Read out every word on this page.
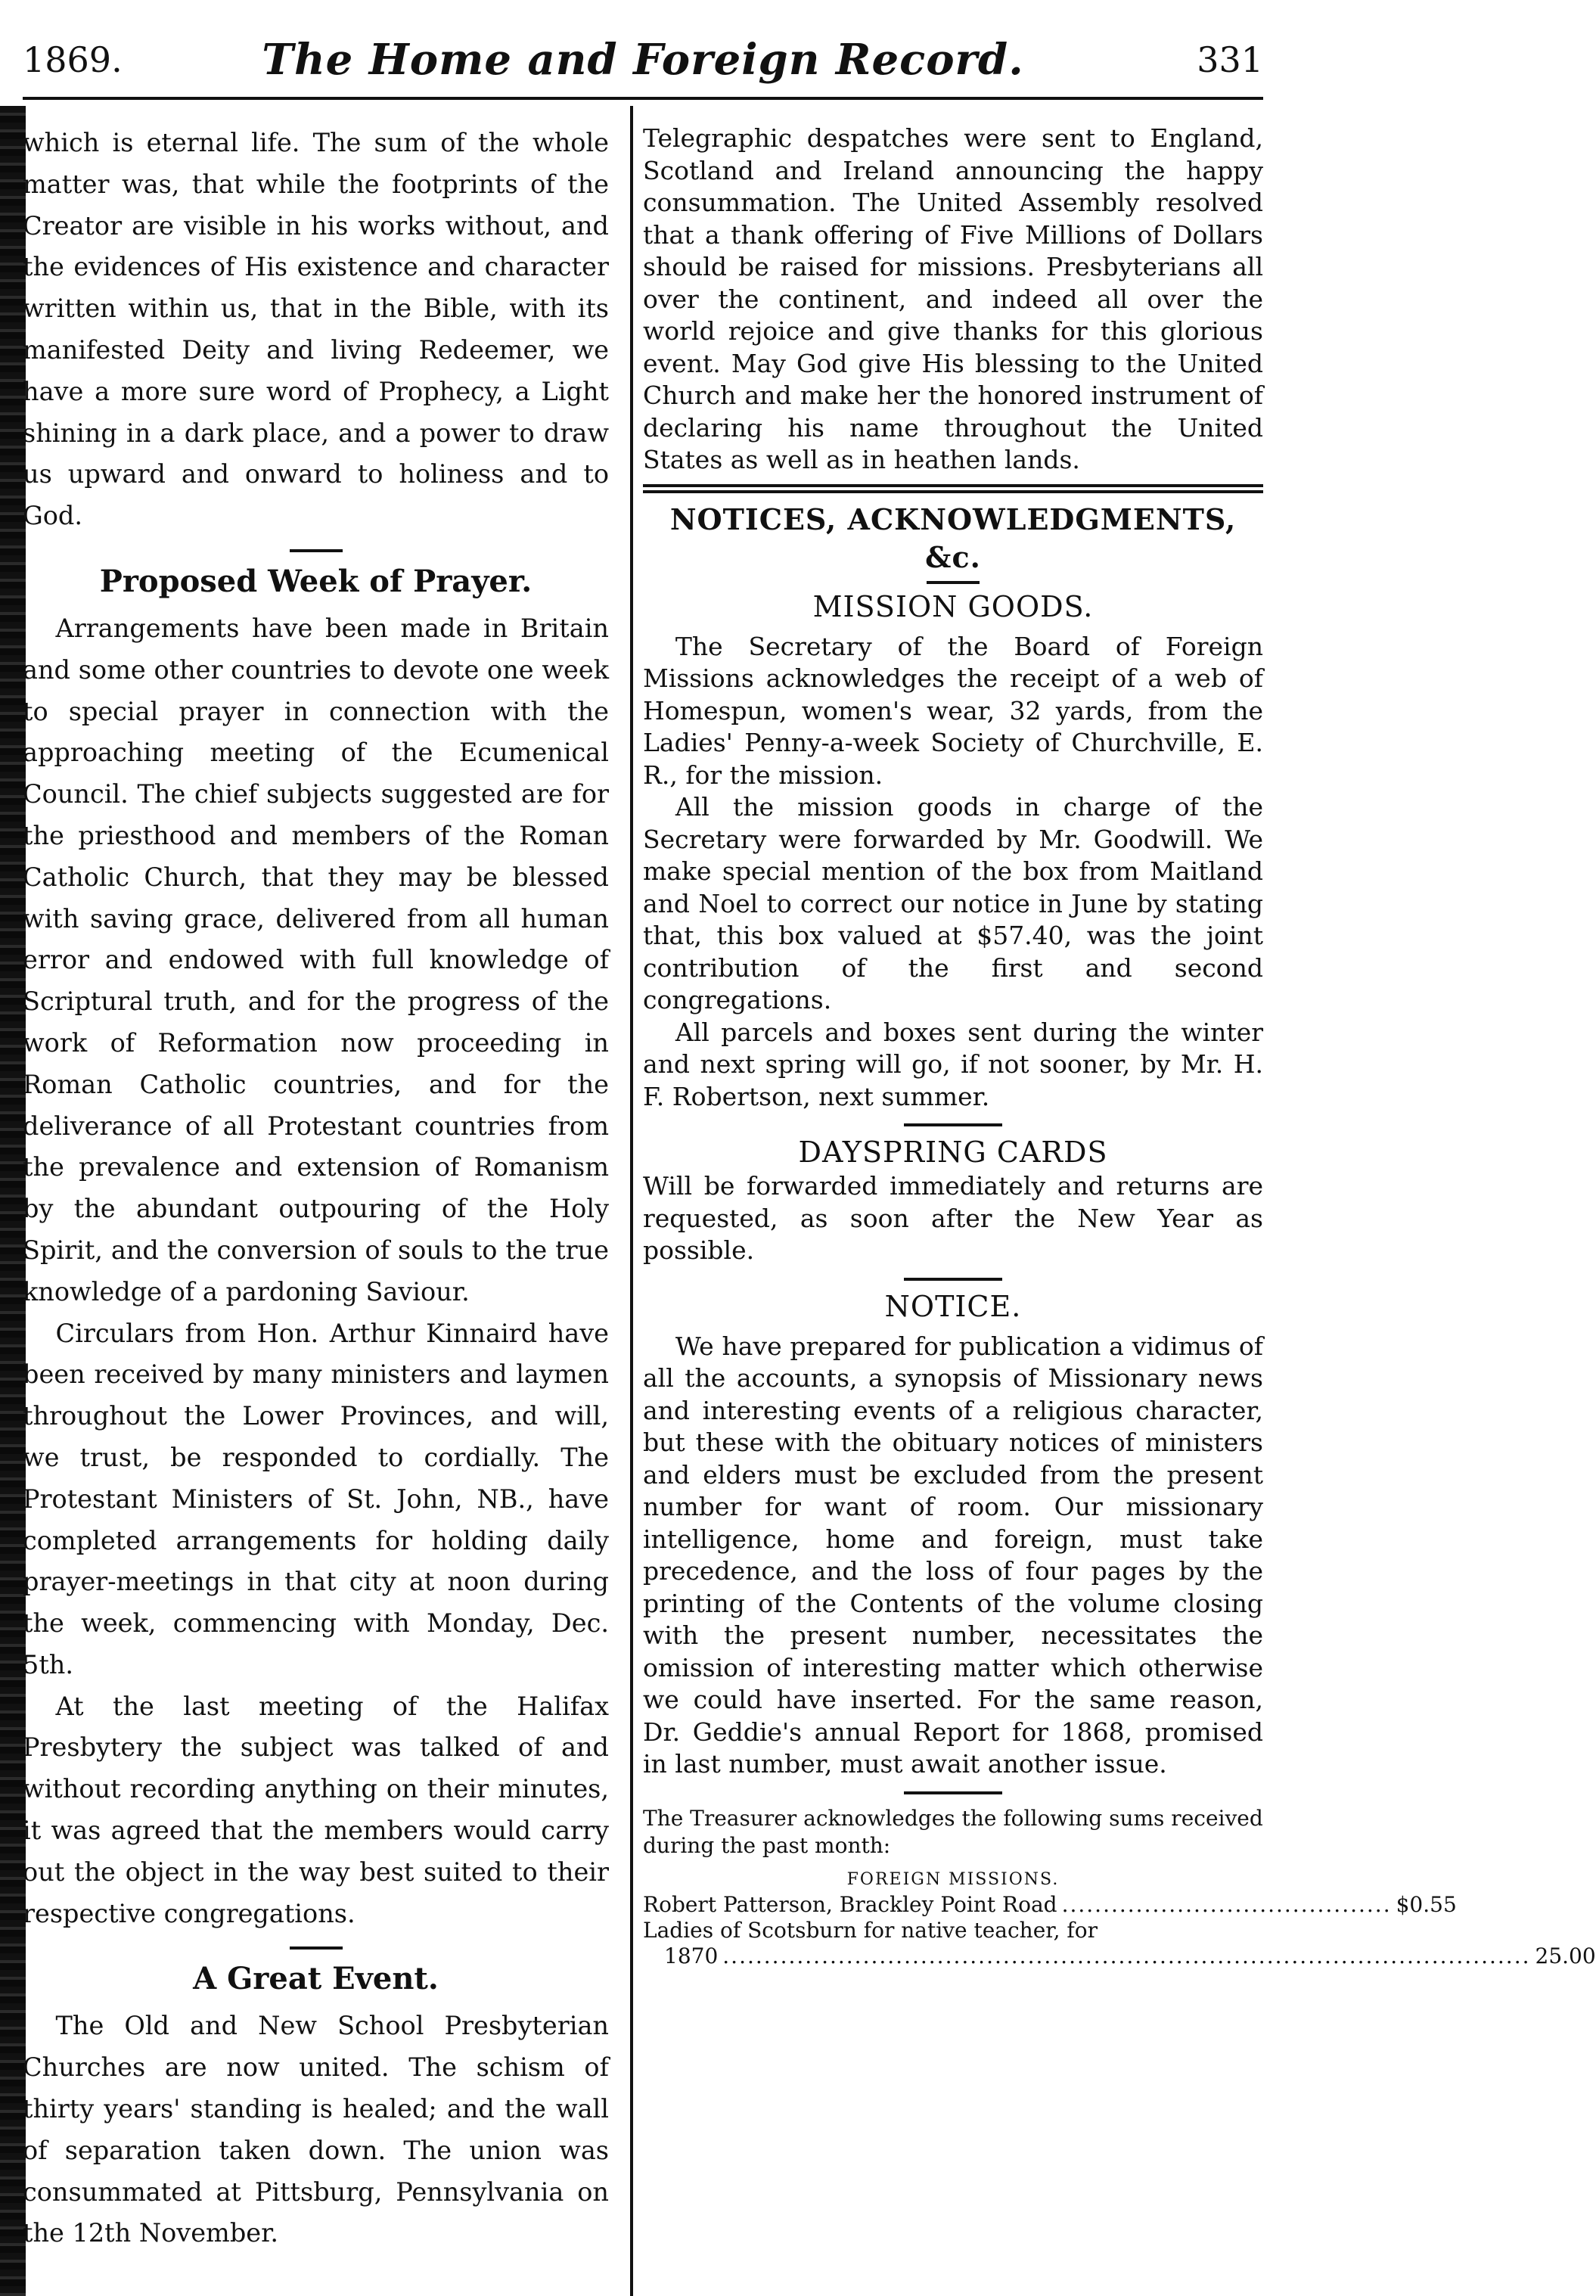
1869.	The Home and Foreign Record.	331

which is eternal life. The sum of the whole matter was, that while the footprints of the Creator are visible in his works without, and the evidences of His existence and character written within us, that in the Bible, with its manifested Deity and living Redeemer, we have a more sure word of Prophecy, a Light shining in a dark place, and a power to draw us upward and onward to holiness and to God.

Proposed Week of Prayer.

Arrangements have been made in Britain and some other countries to devote one week to special prayer in connection with the approaching meeting of the Ecumenical Council. The chief subjects suggested are for the priesthood and members of the Roman Catholic Church, that they may be blessed with saving grace, delivered from all human error and endowed with full knowledge of Scriptural truth, and for the progress of the work of Reformation now proceeding in Roman Catholic countries, and for the deliverance of all Protestant countries from the prevalence and extension of Romanism by the abundant outpouring of the Holy Spirit, and the conversion of souls to the true knowledge of a pardoning Saviour.

Circulars from Hon. Arthur Kinnaird have been received by many ministers and laymen throughout the Lower Provinces, and will, we trust, be responded to cordially. The Protestant Ministers of St. John, NB., have completed arrangements for holding daily prayer-meetings in that city at noon during the week, commencing with Monday, Dec. 5th.

At the last meeting of the Halifax Presbytery the subject was talked of and without recording anything on their minutes, it was agreed that the members would carry out the object in the way best suited to their respective congregations.

A Great Event.

The Old and New School Presbyterian Churches are now united. The schism of thirty years' standing is healed; and the wall of separation taken down. The union was consummated at Pittsburg, Pennsylvania on the 12th November.

Telegraphic despatches were sent to England, Scotland and Ireland announcing the happy consummation. The United Assembly resolved that a thank offering of Five Millions of Dollars should be raised for missions. Presbyterians all over the continent, and indeed all over the world rejoice and give thanks for this glorious event. May God give His blessing to the United Church and make her the honored instrument of declaring his name throughout the United States as well as in heathen lands.

NOTICES, ACKNOWLEDGMENTS, &c.

MISSION GOODS.

The Secretary of the Board of Foreign Missions acknowledges the receipt of a web of Homespun, women's wear, 32 yards, from the Ladies' Penny-a-week Society of Churchville, E. R., for the mission.

All the mission goods in charge of the Secretary were forwarded by Mr. Goodwill. We make special mention of the box from Maitland and Noel to correct our notice in June by stating that, this box valued at $57.40, was the joint contribution of the first and second congregations.

All parcels and boxes sent during the winter and next spring will go, if not sooner, by Mr. H. F. Robertson, next summer.

DAYSPRING CARDS

Will be forwarded immediately and returns are requested, as soon after the New Year as possible.

NOTICE.

We have prepared for publication a vidimus of all the accounts, a synopsis of Missionary news and interesting events of a religious character, but these with the obituary notices of ministers and elders must be excluded from the present number for want of room. Our missionary intelligence, home and foreign, must take precedence, and the loss of four pages by the printing of the Contents of the volume closing with the present number, necessitates the omission of interesting matter which otherwise we could have inserted. For the same reason, Dr. Geddie's annual Report for 1868, promised in last number, must await another issue.

The Treasurer acknowledges the following sums received during the past month:

FOREIGN MISSIONS.

Robert Patterson, Brackley Point Road ........................................ $0.55
Ladies of Scotsburn for native teacher, for
1870 .................................................................................................. 25.00
